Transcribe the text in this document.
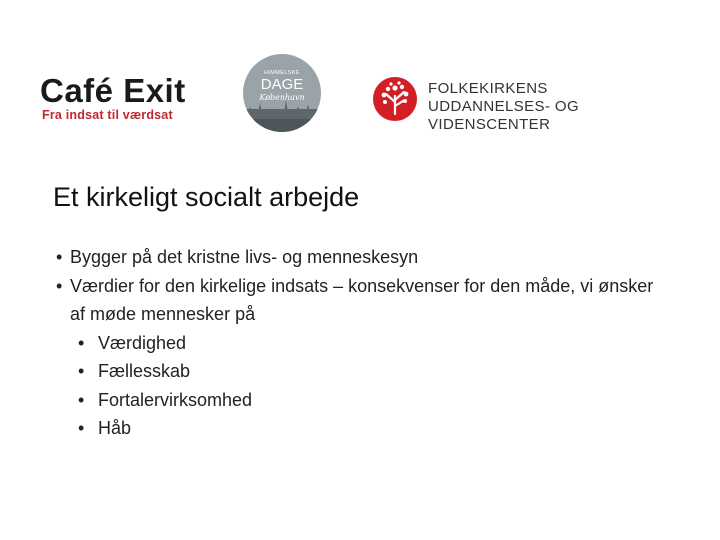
Café Exit
Fra indsat til værdsat
HIMMELSKE
DAGE
København
FOLKEKIRKENS
UDDANNELSES- OG VIDENSCENTER
Et kirkeligt socialt arbejde
• Bygger på det kristne livs- og menneskesyn
• Værdier for den kirkelige indsats – konsekvenser for den måde, vi ønsker af møde mennesker på
• Værdighed
• Fællesskab
• Fortalervirksomhed
• Håb
